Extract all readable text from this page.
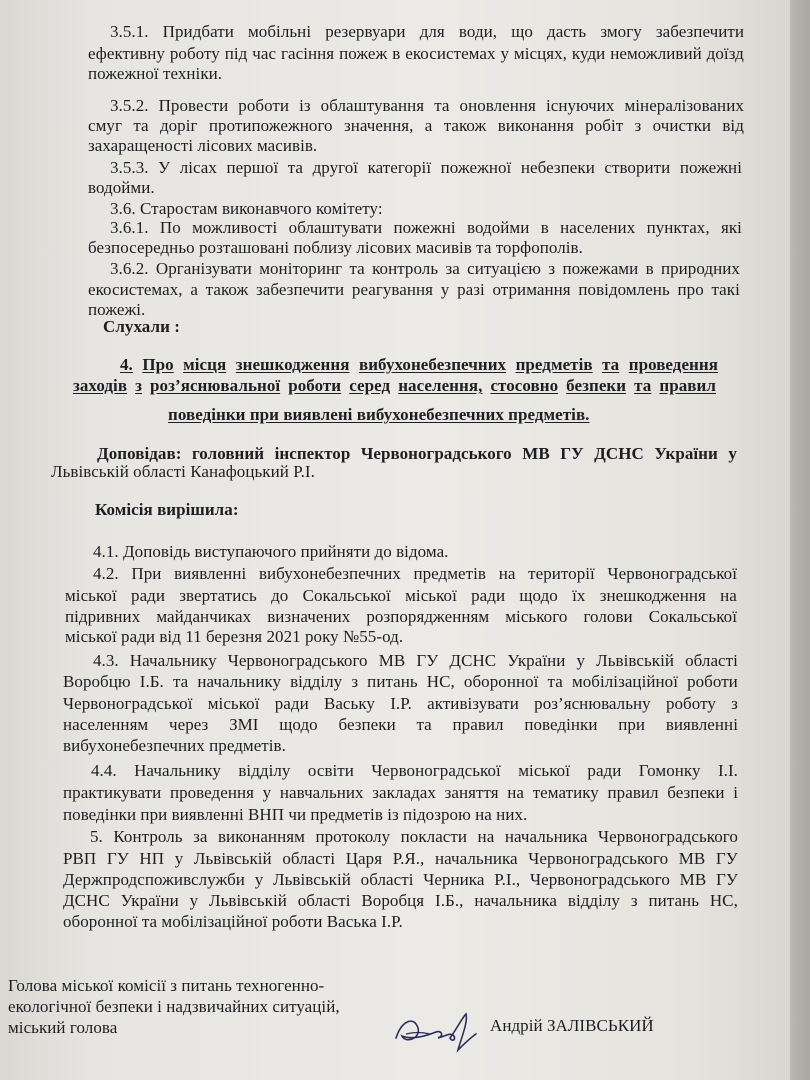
3.5.1. Придбати мобільні резервуари для води, що дасть змогу забезпечити
ефективну роботу під час гасіння пожеж в екосистемах у місцях, куди неможливий доїзд
пожежної техніки.
3.5.2. Провести роботи із облаштування та оновлення існуючих мінералізованих
смуг та доріг протипожежного значення, а також виконання робіт з очистки від
захаращеності лісових масивів.
3.5.3. У лісах першої та другої категорії пожежної небезпеки створити пожежні
водойми.
3.6. Старостам виконавчого комітету:
3.6.1. По можливості облаштувати пожежні водойми в населених пунктах, які
безпосередньо розташовані поблизу лісових масивів та торфополів.
3.6.2. Організувати моніторинг та контроль за ситуацією з пожежами в природних
екосистемах, а також забезпечити реагування у разі отримання повідомлень про такі
пожежі.
Слухали :
4. Про місця знешкодження вибухонебезпечних предметів та проведення
заходів з роз’яснювальної роботи серед населення, стосовно безпеки та правил
поведінки при виявлені вибухонебезпечних предметів.
Доповідав: головний інспектор Червоноградського МВ ГУ ДСНС України у
Львівській області Канафоцький Р.І.
Комісія вирішила:
4.1. Доповідь виступаючого прийняти до відома.
4.2. При виявленні вибухонебезпечних предметів на території Червоноградської
міської ради звертатись до Сокальської міської ради щодо їх знешкодження на
підривних майданчиках визначених розпорядженням міського голови Сокальської
міської ради від 11 березня 2021 року №55-од.
4.3. Начальнику Червоноградського МВ ГУ ДСНС України у Львівській області
Воробцю І.Б. та начальнику відділу з питань НС, оборонної та мобілізаційної роботи
Червоноградської міської ради Ваську І.Р. активізувати роз’яснювальну роботу з
населенням через ЗМІ щодо безпеки та правил поведінки при виявленні
вибухонебезпечних предметів.
4.4. Начальнику відділу освіти Червоноградської міської ради Гомонку І.І.
практикувати проведення у навчальних закладах заняття на тематику правил безпеки і
поведінки при виявленні ВНП чи предметів із підозрою на них.
5. Контроль за виконанням протоколу покласти на начальника Червоноградського
РВП ГУ НП у Львівській області Царя Р.Я., начальника Червоноградського МВ ГУ
Держпродспоживслужби у Львівській області Черника Р.І., Червоноградського МВ ГУ
ДСНС України у Львівській області Воробця І.Б., начальника відділу з питань НС,
оборонної та мобілізаційної роботи Васька І.Р.
Голова міської комісії з питань техногенно-
екологічної безпеки і надзвичайних ситуацій,
міський голова	Андрій ЗАЛІВСЬКИЙ
